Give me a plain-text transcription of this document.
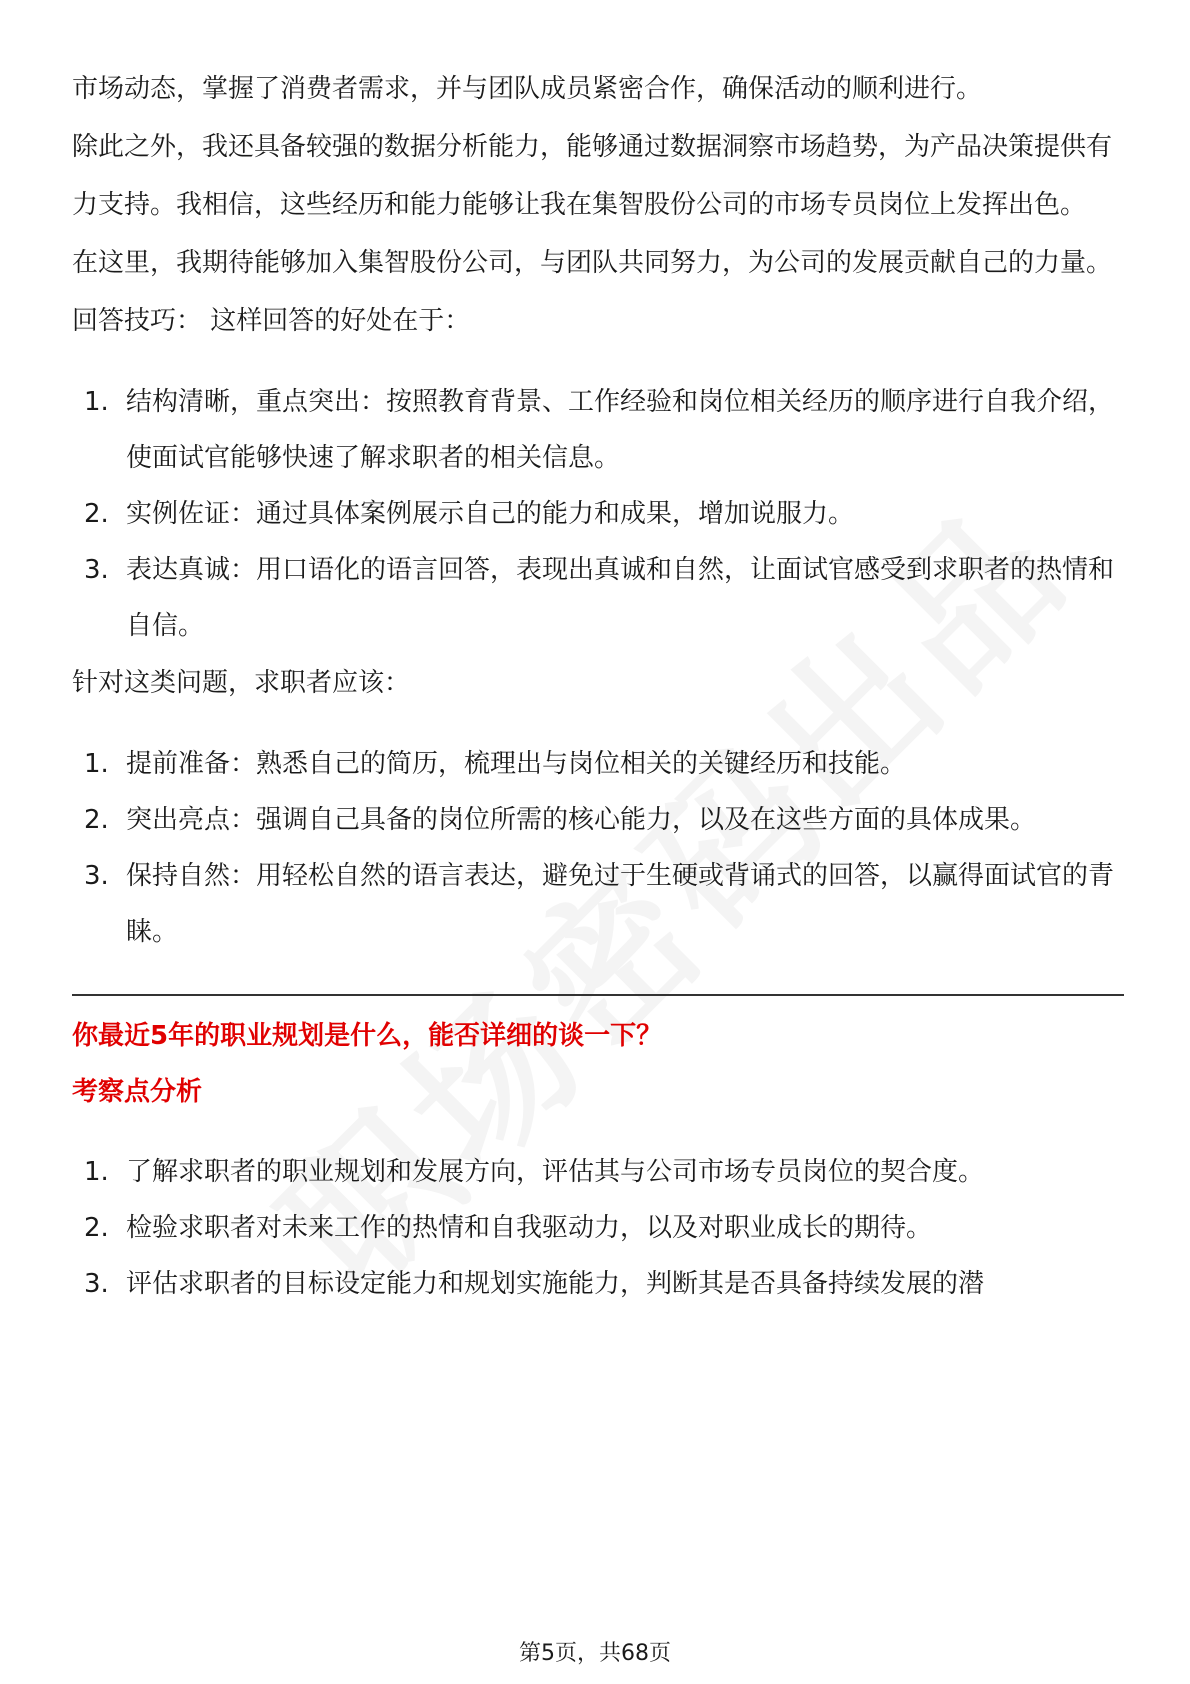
市场动态，掌握了消费者需求，并与团队成员紧密合作，确保活动的顺利进行。

除此之外，我还具备较强的数据分析能力，能够通过数据洞察市场趋势，为产品决策提供有力支持。我相信，这些经历和能力能够让我在集智股份公司的市场专员岗位上发挥出色。

在这里，我期待能够加入集智股份公司，与团队共同努力，为公司的发展贡献自己的力量。

回答技巧： 这样回答的好处在于：

1. 结构清晰，重点突出：按照教育背景、工作经验和岗位相关经历的顺序进行自我介绍，使面试官能够快速了解求职者的相关信息。
2. 实例佐证：通过具体案例展示自己的能力和成果，增加说服力。
3. 表达真诚：用口语化的语言回答，表现出真诚和自然，让面试官感受到求职者的热情和自信。

针对这类问题，求职者应该：

1. 提前准备：熟悉自己的简历，梳理出与岗位相关的关键经历和技能。
2. 突出亮点：强调自己具备的岗位所需的核心能力，以及在这些方面的具体成果。
3. 保持自然：用轻松自然的语言表达，避免过于生硬或背诵式的回答，以赢得面试官的青睐。

你最近5年的职业规划是什么，能否详细的谈一下？

考察点分析

1. 了解求职者的职业规划和发展方向，评估其与公司市场专员岗位的契合度。
2. 检验求职者对未来工作的热情和自我驱动力，以及对职业成长的期待。
3. 评估求职者的目标设定能力和规划实施能力，判断其是否具备持续发展的潜
第5页，共68页
